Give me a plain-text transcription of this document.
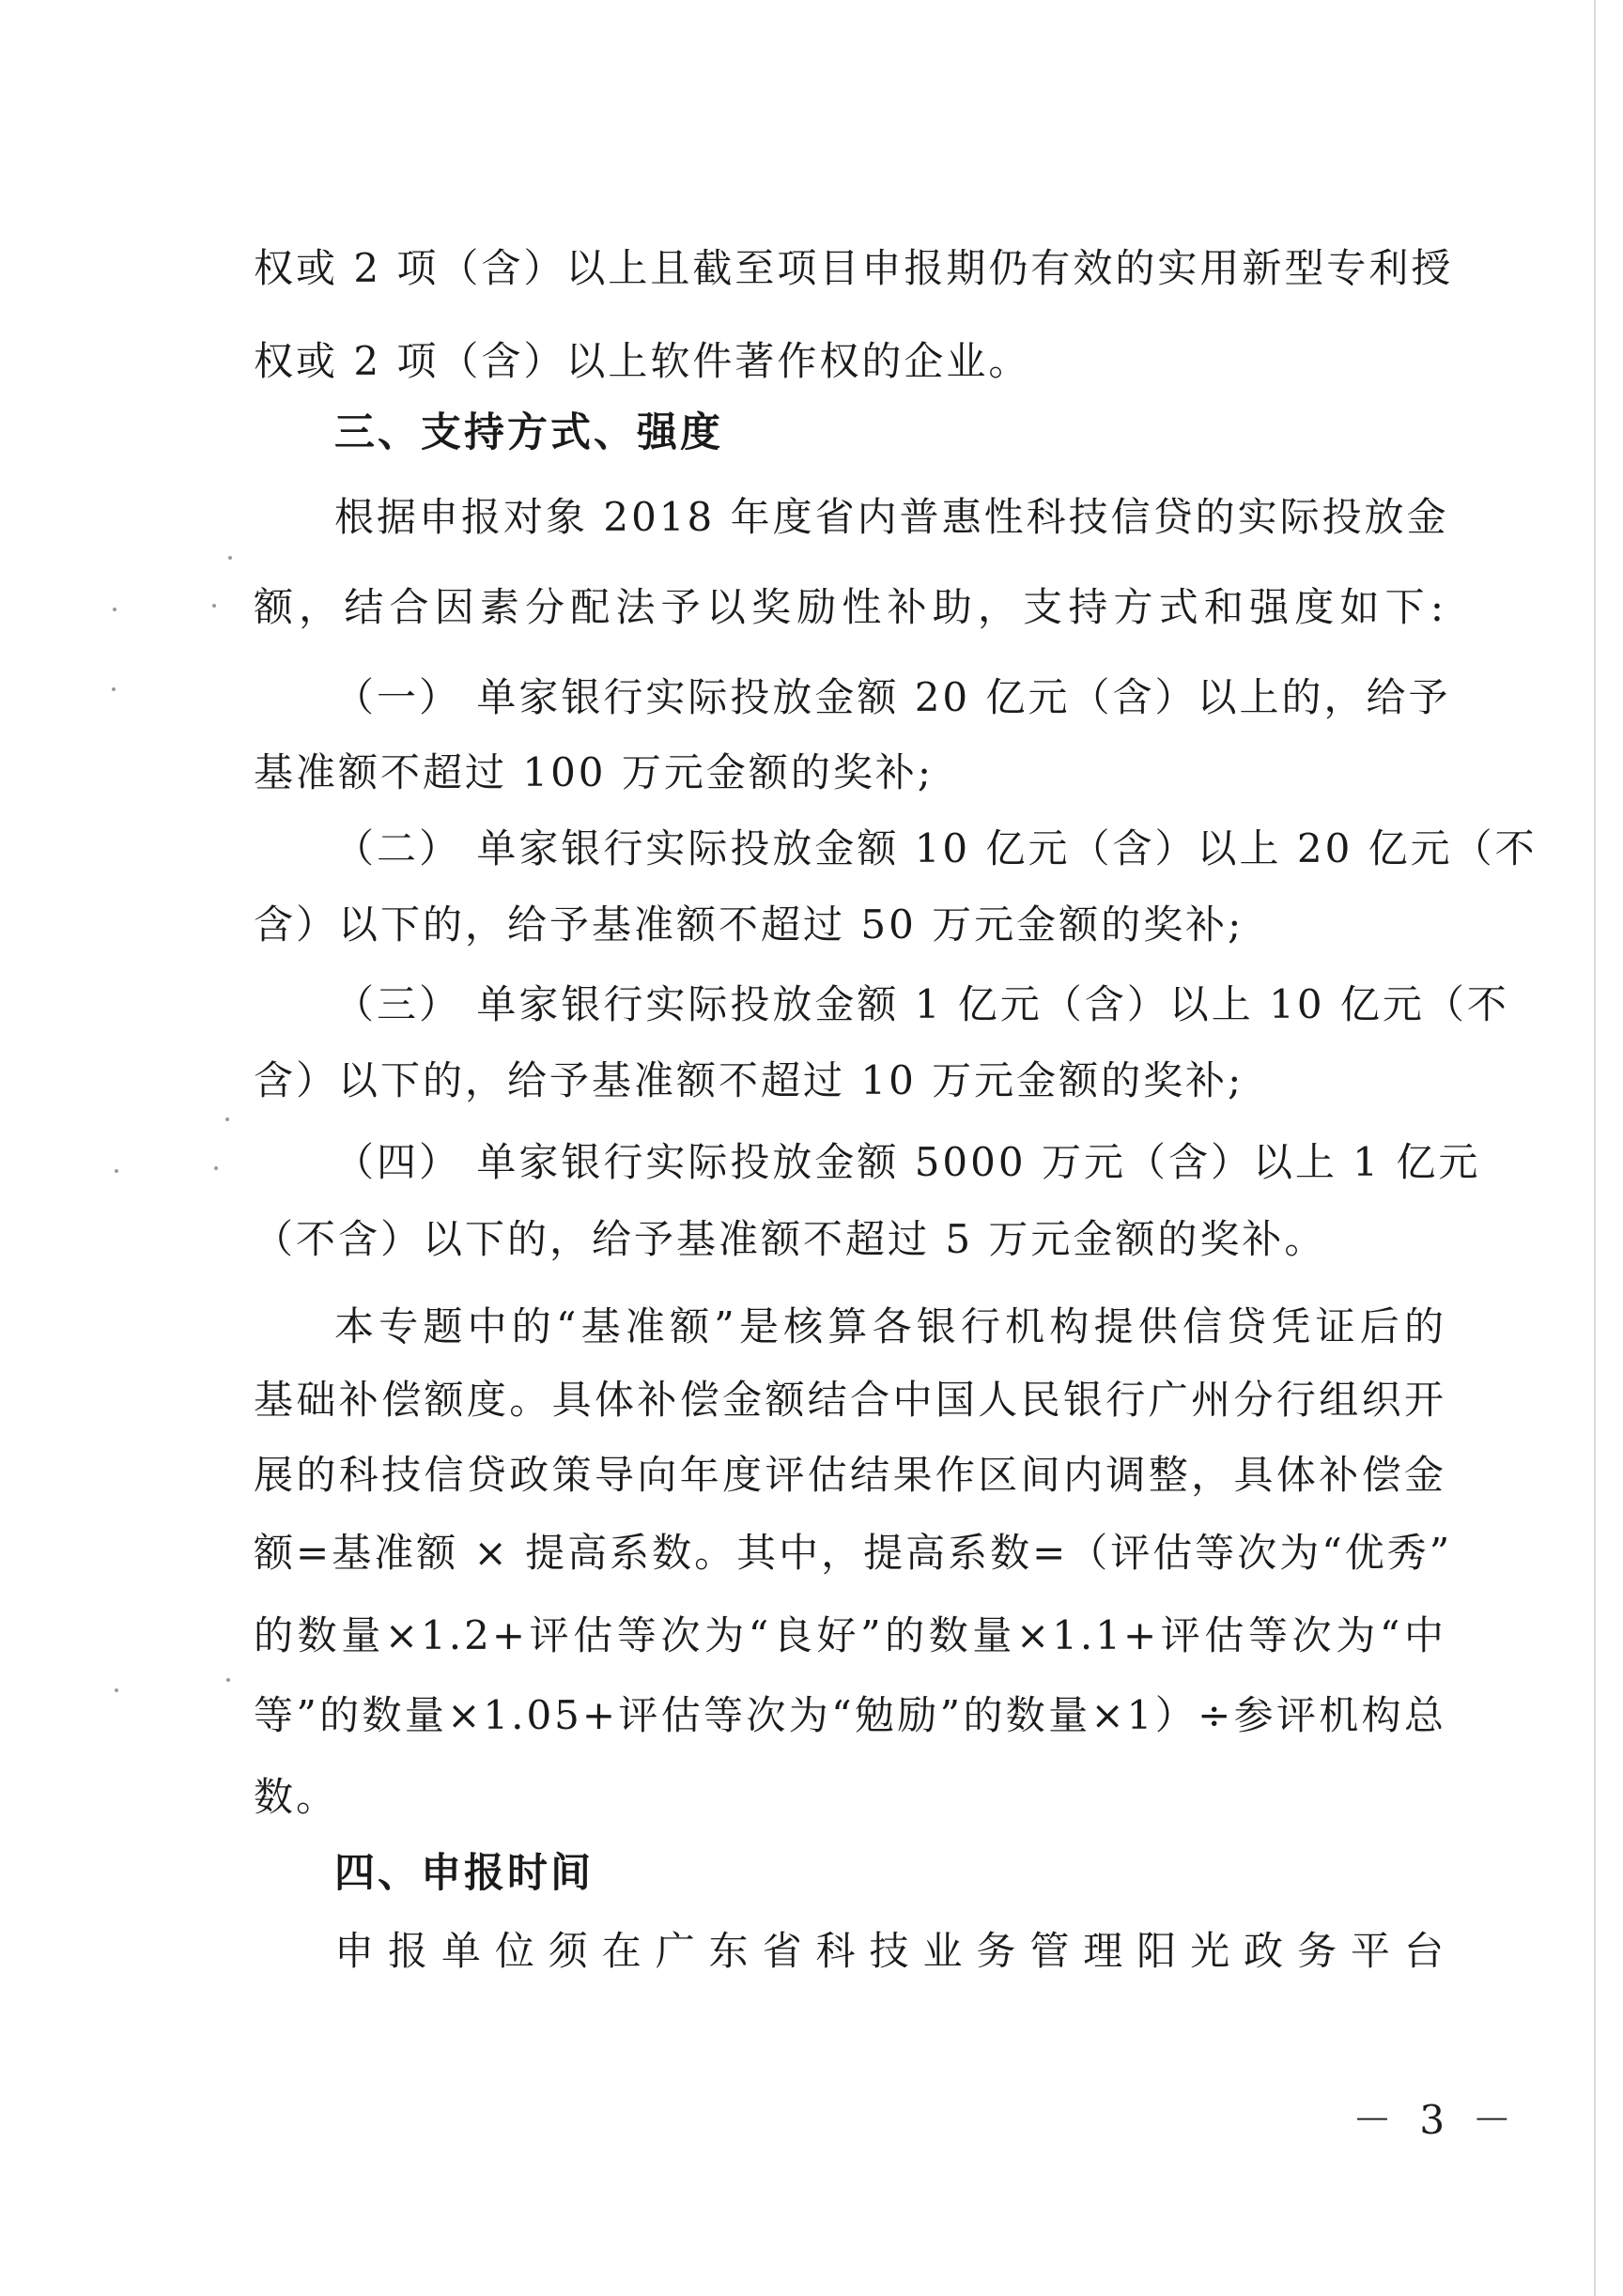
权或 2 项（含）以上且截至项目申报期仍有效的实用新型专利授
权或 2 项（含）以上软件著作权的企业。
三、支持方式、强度
根据申报对象 2018 年度省内普惠性科技信贷的实际投放金
额，结合因素分配法予以奖励性补助，支持方式和强度如下:
（一） 单家银行实际投放金额 20 亿元（含）以上的，给予
基准额不超过 100 万元金额的奖补;
（二） 单家银行实际投放金额 10 亿元（含）以上 20 亿元（不
含）以下的，给予基准额不超过 50 万元金额的奖补;
（三） 单家银行实际投放金额 1 亿元（含）以上 10 亿元（不
含）以下的，给予基准额不超过 10 万元金额的奖补;
（四） 单家银行实际投放金额 5000 万元（含）以上 1 亿元
（不含）以下的，给予基准额不超过 5 万元金额的奖补。
本专题中的“基准额”是核算各银行机构提供信贷凭证后的
基础补偿额度。具体补偿金额结合中国人民银行广州分行组织开
展的科技信贷政策导向年度评估结果作区间内调整，具体补偿金
额=基准额 × 提高系数。其中，提高系数=（评估等次为“优秀”
的数量×1.2+评估等次为“良好”的数量×1.1+评估等次为“中
等”的数量×1.05+评估等次为“勉励”的数量×1）÷参评机构总
数。
四、申报时间
申报单位须在广东省科技业务管理阳光政务平台
－ 3 －
